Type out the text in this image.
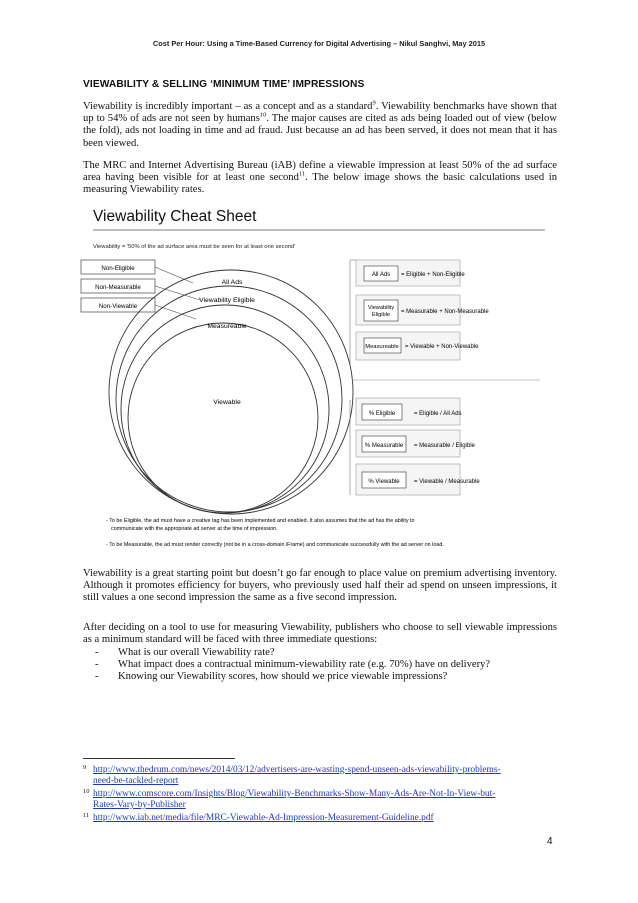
Cost Per Hour: Using a Time-Based Currency for Digital Advertising – Nikul Sanghvi, May 2015
VIEWABILITY & SELLING ‘MINIMUM TIME’ IMPRESSIONS

Viewability is incredibly important – as a concept and as a standard$^9$. Viewability benchmarks have shown that up to 54% of ads are not seen by humans$^{10}$. The major causes are cited as ads being loaded out of view (below the fold), ads not loading in time and ad fraud. Just because an ad has been served, it does not mean that it has been viewed.

The MRC and Internet Advertising Bureau (iAB) define a viewable impression at least 50% of the ad surface area having been visible for at least one second$^{11}$. The below image shows the basic calculations used in measuring Viewability rates.

Viewability Cheat Sheet
Viewability = '50% of the ad surface area must be seen for at least one second'
Non-Eligible
Non-Measurable
Non-Viewable
All Ads
Viewability Eligible
Measureable
Viewable
All Ads = Eligible + Non-Eligible
Viewability
Eligible = Measurable + Non-Measurable
Measureable = Viewable + Non-Viewable
% Eligible	= Eligible / All Ads
% Measurable = Measurable / Eligible
% Viewable = Viewable / Measurable
- To be Eligible, the ad must have a creative tag has been implemented and enabled. It also assumes that the ad has the ability to
communicate with the appropriate ad server at the time of impression.
- To be Measurable, the ad must render correctly (not be in a cross-domain iFrame) and communicate successfully with the ad server on load.

Viewability is a great starting point but doesn’t go far enough to place value on premium advertising inventory. Although it promotes efficiency for buyers, who previously used half their ad spend on unseen impressions, it still values a one second impression the same as a five second impression.

After deciding on a tool to use for measuring Viewability, publishers who choose to sell viewable impressions as a minimum standard will be faced with three immediate questions:

-	What is our overall Viewability rate?
-	What impact does a contractual minimum-viewability rate (e.g. 70%) have on delivery?
-	Knowing our Viewability scores, how should we price viewable impressions?
9 http://www.thedrum.com/news/2014/03/12/advertisers-are-wasting-spend-unseen-ads-viewability-problems-
need-be-tackled-report
10 http://www.comscore.com/Insights/Blog/Viewability-Benchmarks-Show-Many-Ads-Are-Not-In-View-but-
Rates-Vary-by-Publisher
11 http://www.iab.net/media/file/MRC-Viewable-Ad-Impression-Measurement-Guideline.pdf
4
